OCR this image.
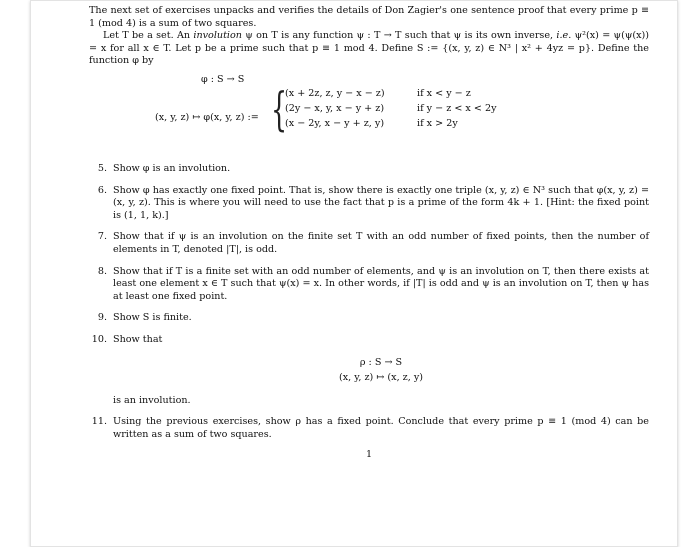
The next set of exercises unpacks and verifies the details of Don Zagier's one sentence proof that every prime p ≡ 1 (mod 4) is a sum of two squares.

Let T be a set. An involution ψ on T is any function ψ : T → T such that ψ is its own inverse, i.e. ψ²(x) = ψ(ψ(x)) = x for all x ∈ T. Let p be a prime such that p ≡ 1 mod 4. Define S := {(x, y, z) ∈ N³ | x² + 4yz = p}. Define the function φ by

φ : S → S
(x, y, z) ↦ φ(x, y, z) := {
(x + 2z, z, y − x − z)	if x < y − z
(2y − x, y, x − y + z)	if y − z < x < 2y
(x − 2y, x − y + z, y)	if x > 2y
5. Show φ is an involution.

6. Show φ has exactly one fixed point. That is, show there is exactly one triple (x, y, z) ∈ N³ such that φ(x, y, z) = (x, y, z). This is where you will need to use the fact that p is a prime of the form 4k + 1. [Hint: the fixed point is (1, 1, k).]

7. Show that if ψ is an involution on the finite set T with an odd number of fixed points, then the number of elements in T, denoted |T|, is odd.

8. Show that if T is a finite set with an odd number of elements, and ψ is an involution on T, then there exists at least one element x ∈ T such that ψ(x) = x. In other words, if |T| is odd and ψ is an involution on T, then ψ has at least one fixed point.

9. Show S is finite.

10. Show that

ρ : S → S
(x, y, z) ↦ (x, z, y)

is an involution.

11. Using the previous exercises, show ρ has a fixed point. Conclude that every prime p ≡ 1 (mod 4) can be written as a sum of two squares.

1
